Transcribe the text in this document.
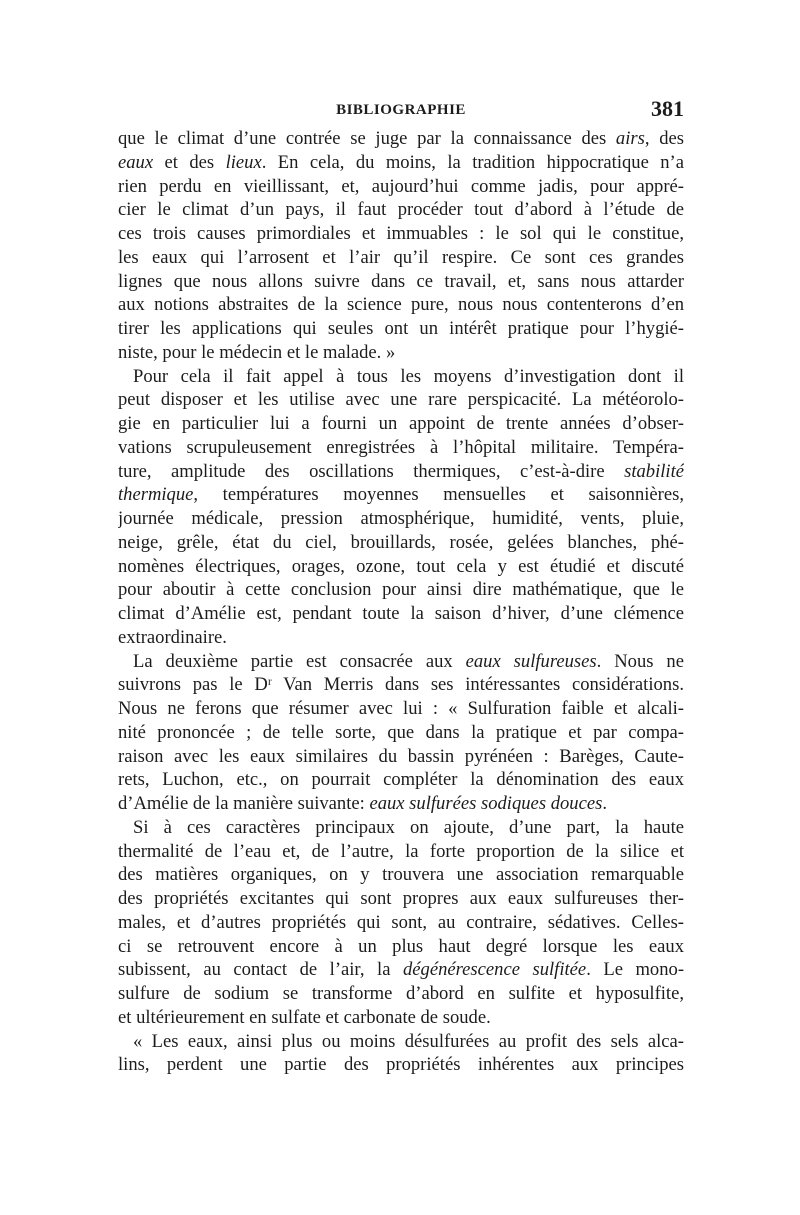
BIBLIOGRAPHIE	381
que le climat d’une contrée se juge par la connaissance des airs, des
eaux et des lieux. En cela, du moins, la tradition hippocratique n’a
rien perdu en vieillissant, et, aujourd’hui comme jadis, pour appré-
cier le climat d’un pays, il faut procéder tout d’abord à l’étude de
ces trois causes primordiales et immuables : le sol qui le constitue,
les eaux qui l’arrosent et l’air qu’il respire. Ce sont ces grandes
lignes que nous allons suivre dans ce travail, et, sans nous attarder
aux notions abstraites de la science pure, nous nous contenterons d’en
tirer les applications qui seules ont un intérêt pratique pour l’hygié-
niste, pour le médecin et le malade. »
Pour cela il fait appel à tous les moyens d’investigation dont il
peut disposer et les utilise avec une rare perspicacité. La météorolo-
gie en particulier lui a fourni un appoint de trente années d’obser-
vations scrupuleusement enregistrées à l’hôpital militaire. Tempéra-
ture, amplitude des oscillations thermiques, c’est-à-dire stabilité
thermique, températures moyennes mensuelles et saisonnières,
journée médicale, pression atmosphérique, humidité, vents, pluie,
neige, grêle, état du ciel, brouillards, rosée, gelées blanches, phé-
nomènes électriques, orages, ozone, tout cela y est étudié et discuté
pour aboutir à cette conclusion pour ainsi dire mathématique, que le
climat d’Amélie est, pendant toute la saison d’hiver, d’une clémence
extraordinaire.
La deuxième partie est consacrée aux eaux sulfureuses. Nous ne
suivrons pas le Dʳ Van Merris dans ses intéressantes considérations.
Nous ne ferons que résumer avec lui : « Sulfuration faible et alcali-
nité prononcée ; de telle sorte, que dans la pratique et par compa-
raison avec les eaux similaires du bassin pyrénéen : Barèges, Caute-
rets, Luchon, etc., on pourrait compléter la dénomination des eaux
d’Amélie de la manière suivante: eaux sulfurées sodiques douces.
Si à ces caractères principaux on ajoute, d’une part, la haute
thermalité de l’eau et, de l’autre, la forte proportion de la silice et
des matières organiques, on y trouvera une association remarquable
des propriétés excitantes qui sont propres aux eaux sulfureuses ther-
males, et d’autres propriétés qui sont, au contraire, sédatives. Celles-
ci se retrouvent encore à un plus haut degré lorsque les eaux
subissent, au contact de l’air, la dégénérescence sulfitée. Le mono-
sulfure de sodium se transforme d’abord en sulfite et hyposulfite,
et ultérieurement en sulfate et carbonate de soude.
« Les eaux, ainsi plus ou moins désulfurées au profit des sels alca-
lins, perdent une partie des propriétés inhérentes aux principes
